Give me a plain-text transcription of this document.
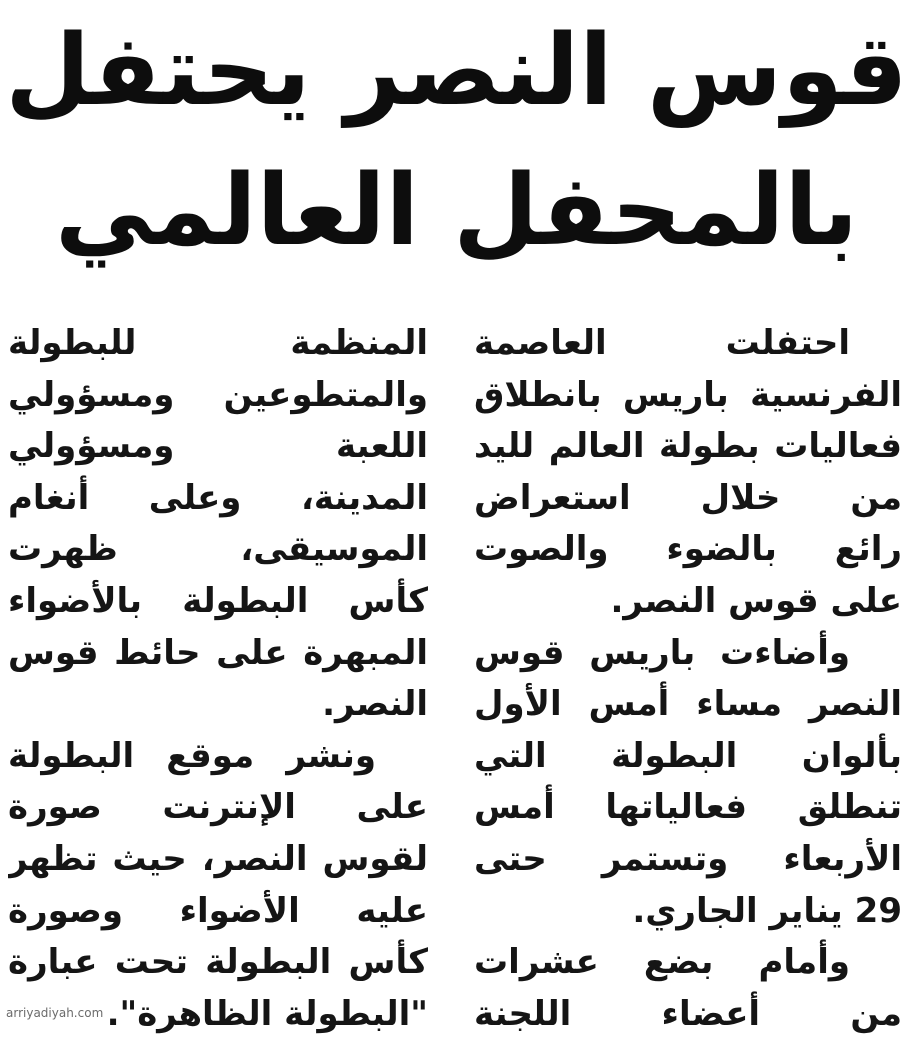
قوس النصر يحتفل
بالمحفل العالمي
احتفلت العاصمة
الفرنسية باريس بانطلاق
فعاليات بطولة العالم لليد
من خلال استعراض
رائع بالضوء والصوت
على قوس النصر.
وأضاءت باريس قوس
النصر مساء أمس الأول
بألوان البطولة التي
تنطلق فعالياتها أمس
الأربعاء وتستمر حتى
29 يناير الجاري.
وأمام بضع عشرات
من أعضاء اللجنة
المنظمة للبطولة
والمتطوعين ومسؤولي
اللعبة ومسؤولي
المدينة، وعلى أنغام
الموسيقى، ظهرت
كأس البطولة بالأضواء
المبهرة على حائط قوس
النصر.
ونشر موقع البطولة
على الإنترنت صورة
لقوس النصر، حيث تظهر
عليه الأضواء وصورة
كأس البطولة تحت عبارة
"البطولة الظاهرة".
arriyadiyah.com
